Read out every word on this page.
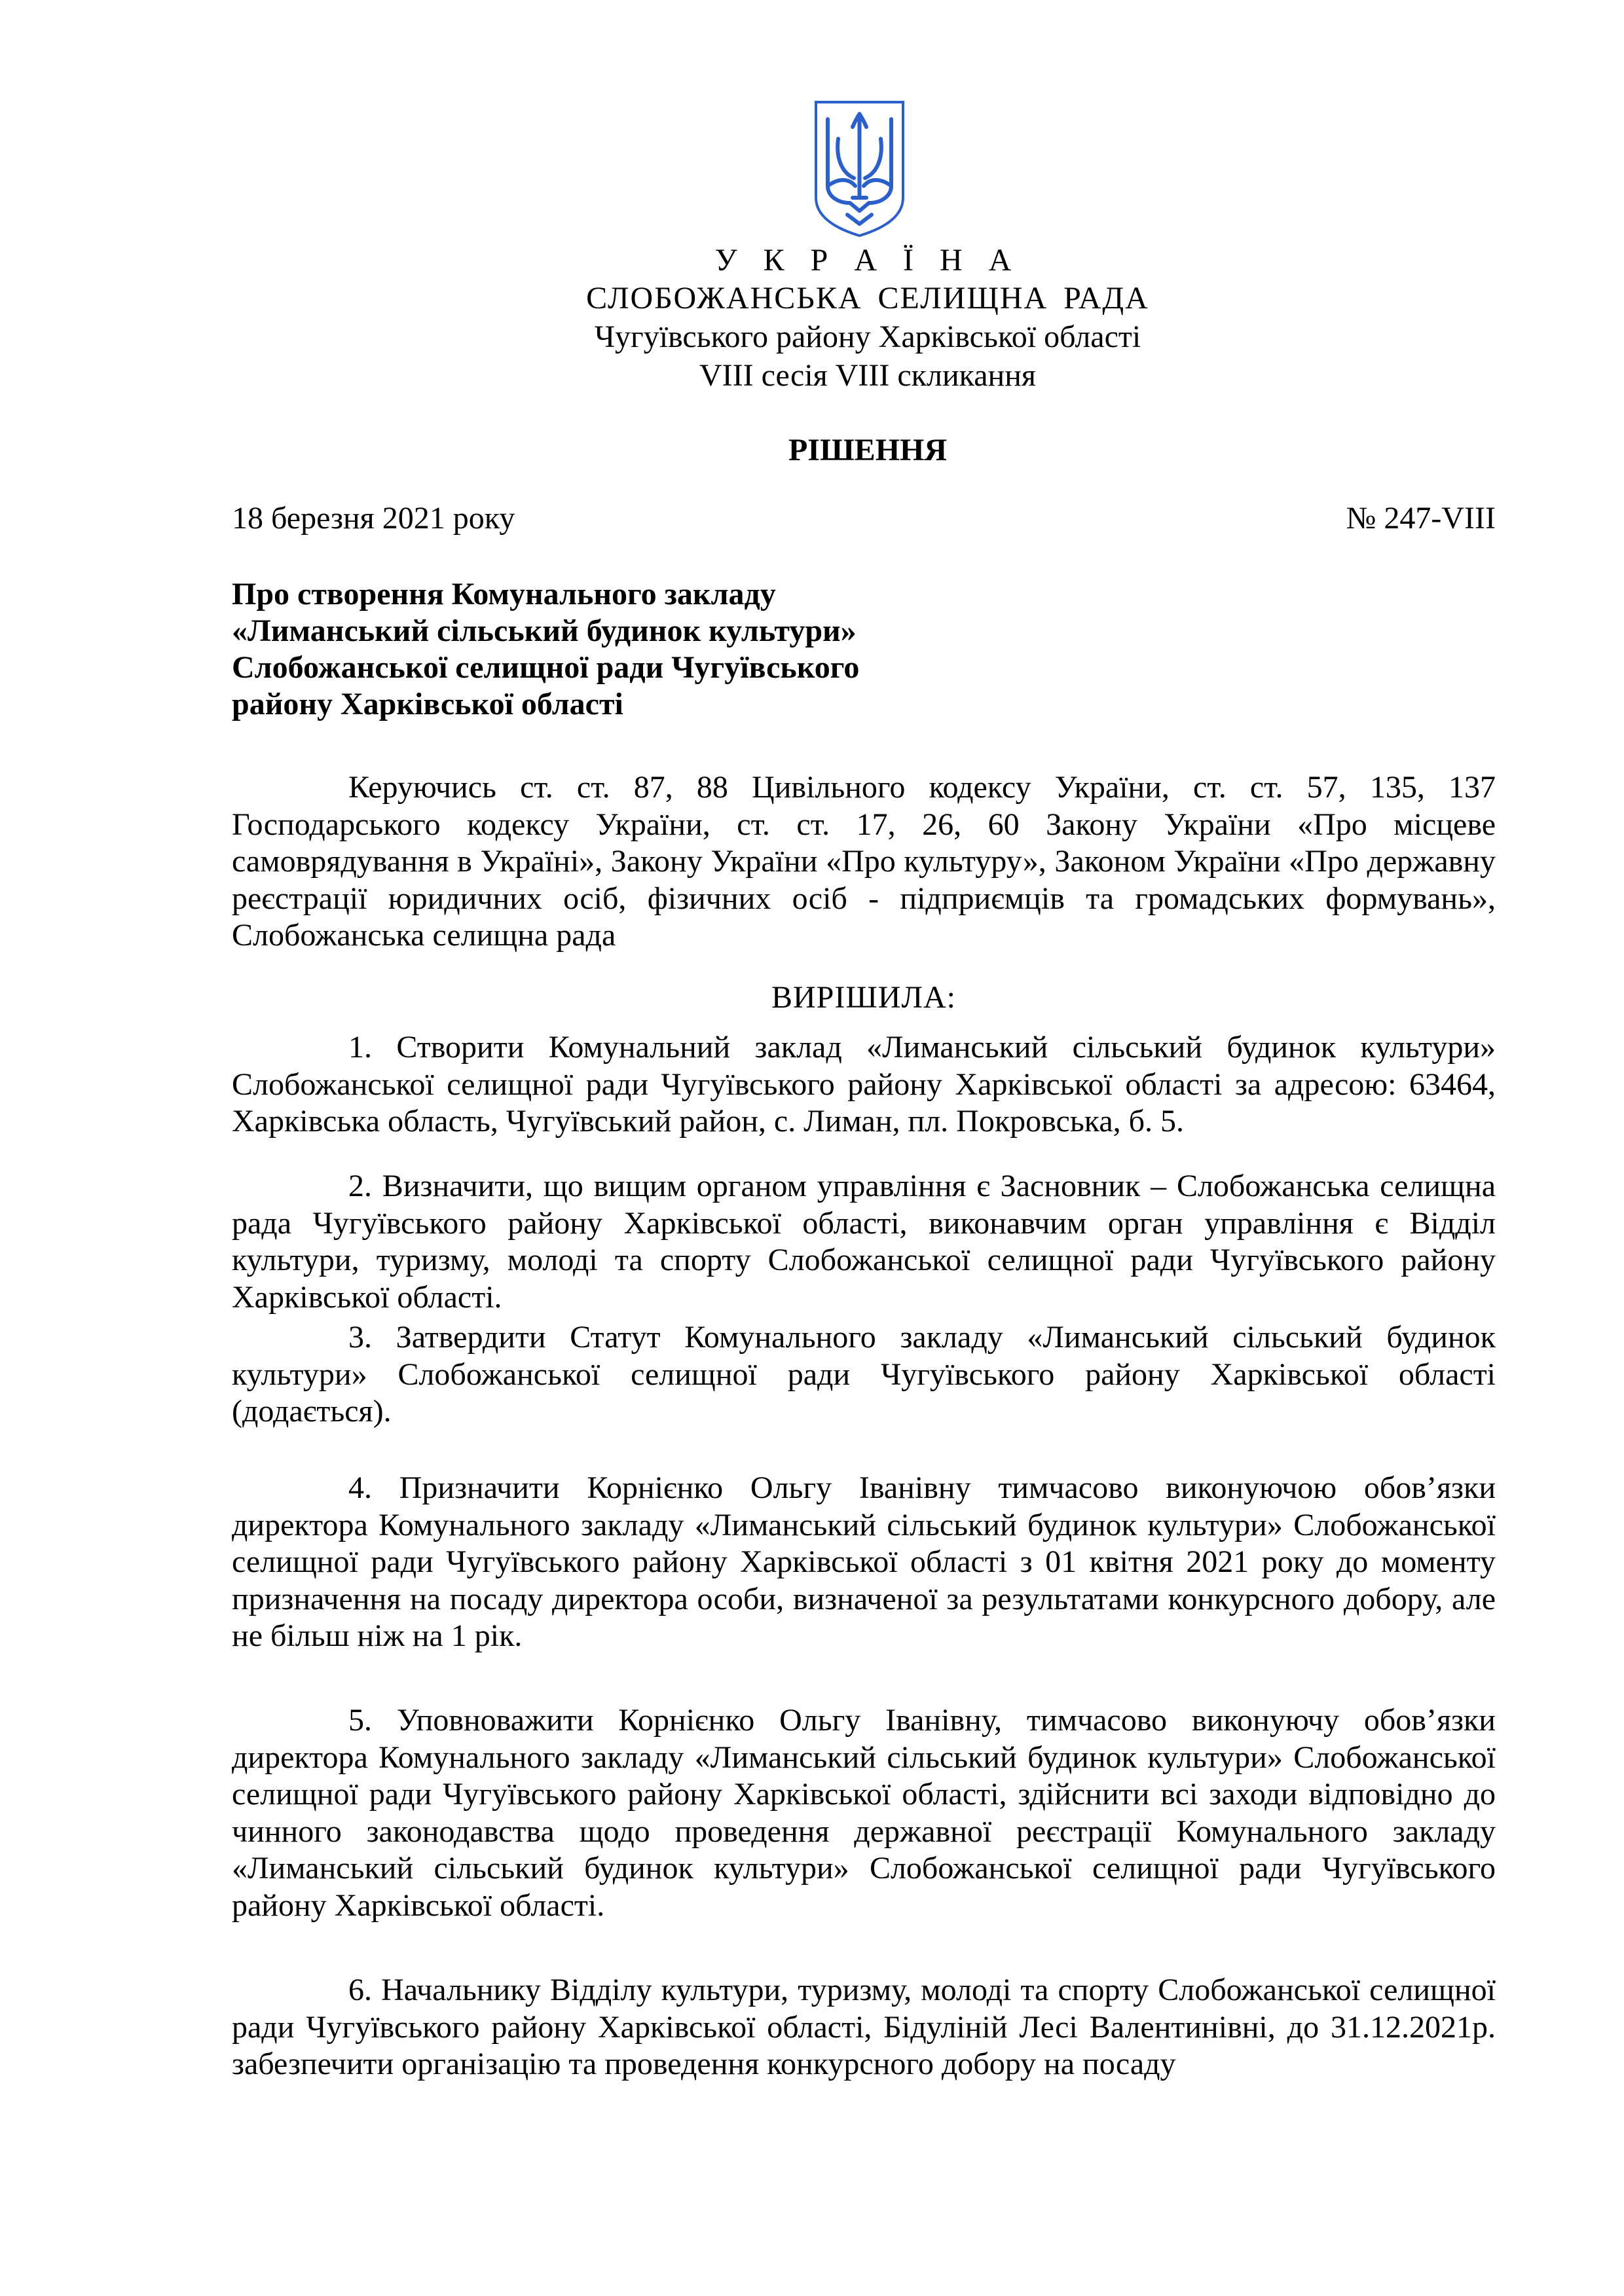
У К Р А Ї Н А
СЛОБОЖАНСЬКА СЕЛИЩНА РАДА
Чугуївського району Харківської області
VIII сесія VIII скликання
РІШЕННЯ
18 березня 2021 року	№ 247-VIII
Про створення Комунального закладу
«Лиманський сільський будинок культури»
Слобожанської селищної ради Чугуївського
району Харківської області

Керуючись ст. ст. 87, 88 Цивільного кодексу України, ст. ст. 57, 135, 137 Господарського кодексу України, ст. ст. 17, 26, 60 Закону України «Про місцеве самоврядування в Україні», Закону України «Про культуру», Законом України «Про державну реєстрації юридичних осіб, фізичних осіб - підприємців та громадських формувань», Слобожанська селищна рада

ВИРІШИЛА:

1. Створити Комунальний заклад «Лиманський сільський будинок культури» Слобожанської селищної ради Чугуївського району Харківської області за адресою: 63464, Харківська область, Чугуївський район, с. Лиман, пл. Покровська, б. 5.

2. Визначити, що вищим органом управління є Засновник – Слобожанська селищна рада Чугуївського району Харківської області, виконавчим орган управління є Відділ культури, туризму, молоді та спорту Слобожанської селищної ради Чугуївського району Харківської області.

3. Затвердити Статут Комунального закладу «Лиманський сільський будинок культури» Слобожанської селищної ради Чугуївського району Харківської області (додається).

4. Призначити Корнієнко Ольгу Іванівну тимчасово виконуючою обов’язки директора Комунального закладу «Лиманський сільський будинок культури» Слобожанської селищної ради Чугуївського району Харківської області з 01 квітня 2021 року до моменту призначення на посаду директора особи, визначеної за результатами конкурсного добору, але не більш ніж на 1 рік.

5. Уповноважити Корнієнко Ольгу Іванівну, тимчасово виконуючу обов’язки директора Комунального закладу «Лиманський сільський будинок культури» Слобожанської селищної ради Чугуївського району Харківської області, здійснити всі заходи відповідно до чинного законодавства щодо проведення державної реєстрації Комунального закладу «Лиманський сільський будинок культури» Слобожанської селищної ради Чугуївського району Харківської області.

6. Начальнику Відділу культури, туризму, молоді та спорту Слобожанської селищної ради Чугуївського району Харківської області, Бідуліній Лесі Валентинівні, до 31.12.2021р. забезпечити організацію та проведення конкурсного добору на посаду
